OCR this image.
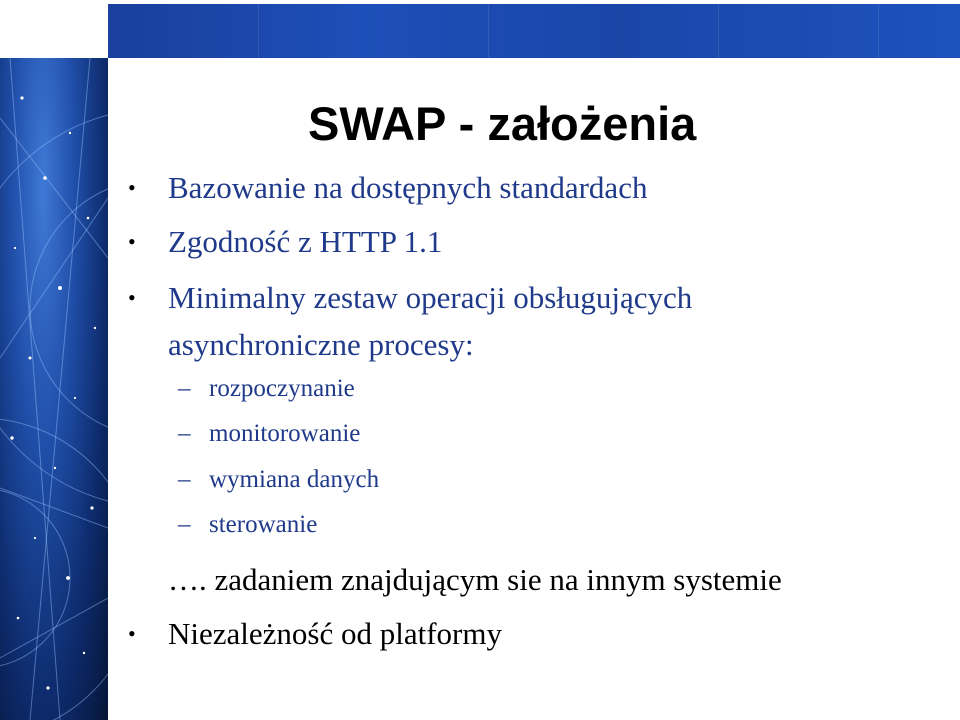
SWAP - założenia
• Bazowanie na dostępnych standardach
• Zgodność z HTTP 1.1
• Minimalny zestaw operacji obsługujących
asynchroniczne procesy:
– rozpoczynanie
– monitorowanie
– wymiana danych
– sterowanie
…. zadaniem znajdującym sie na innym systemie
• Niezależność od platformy
